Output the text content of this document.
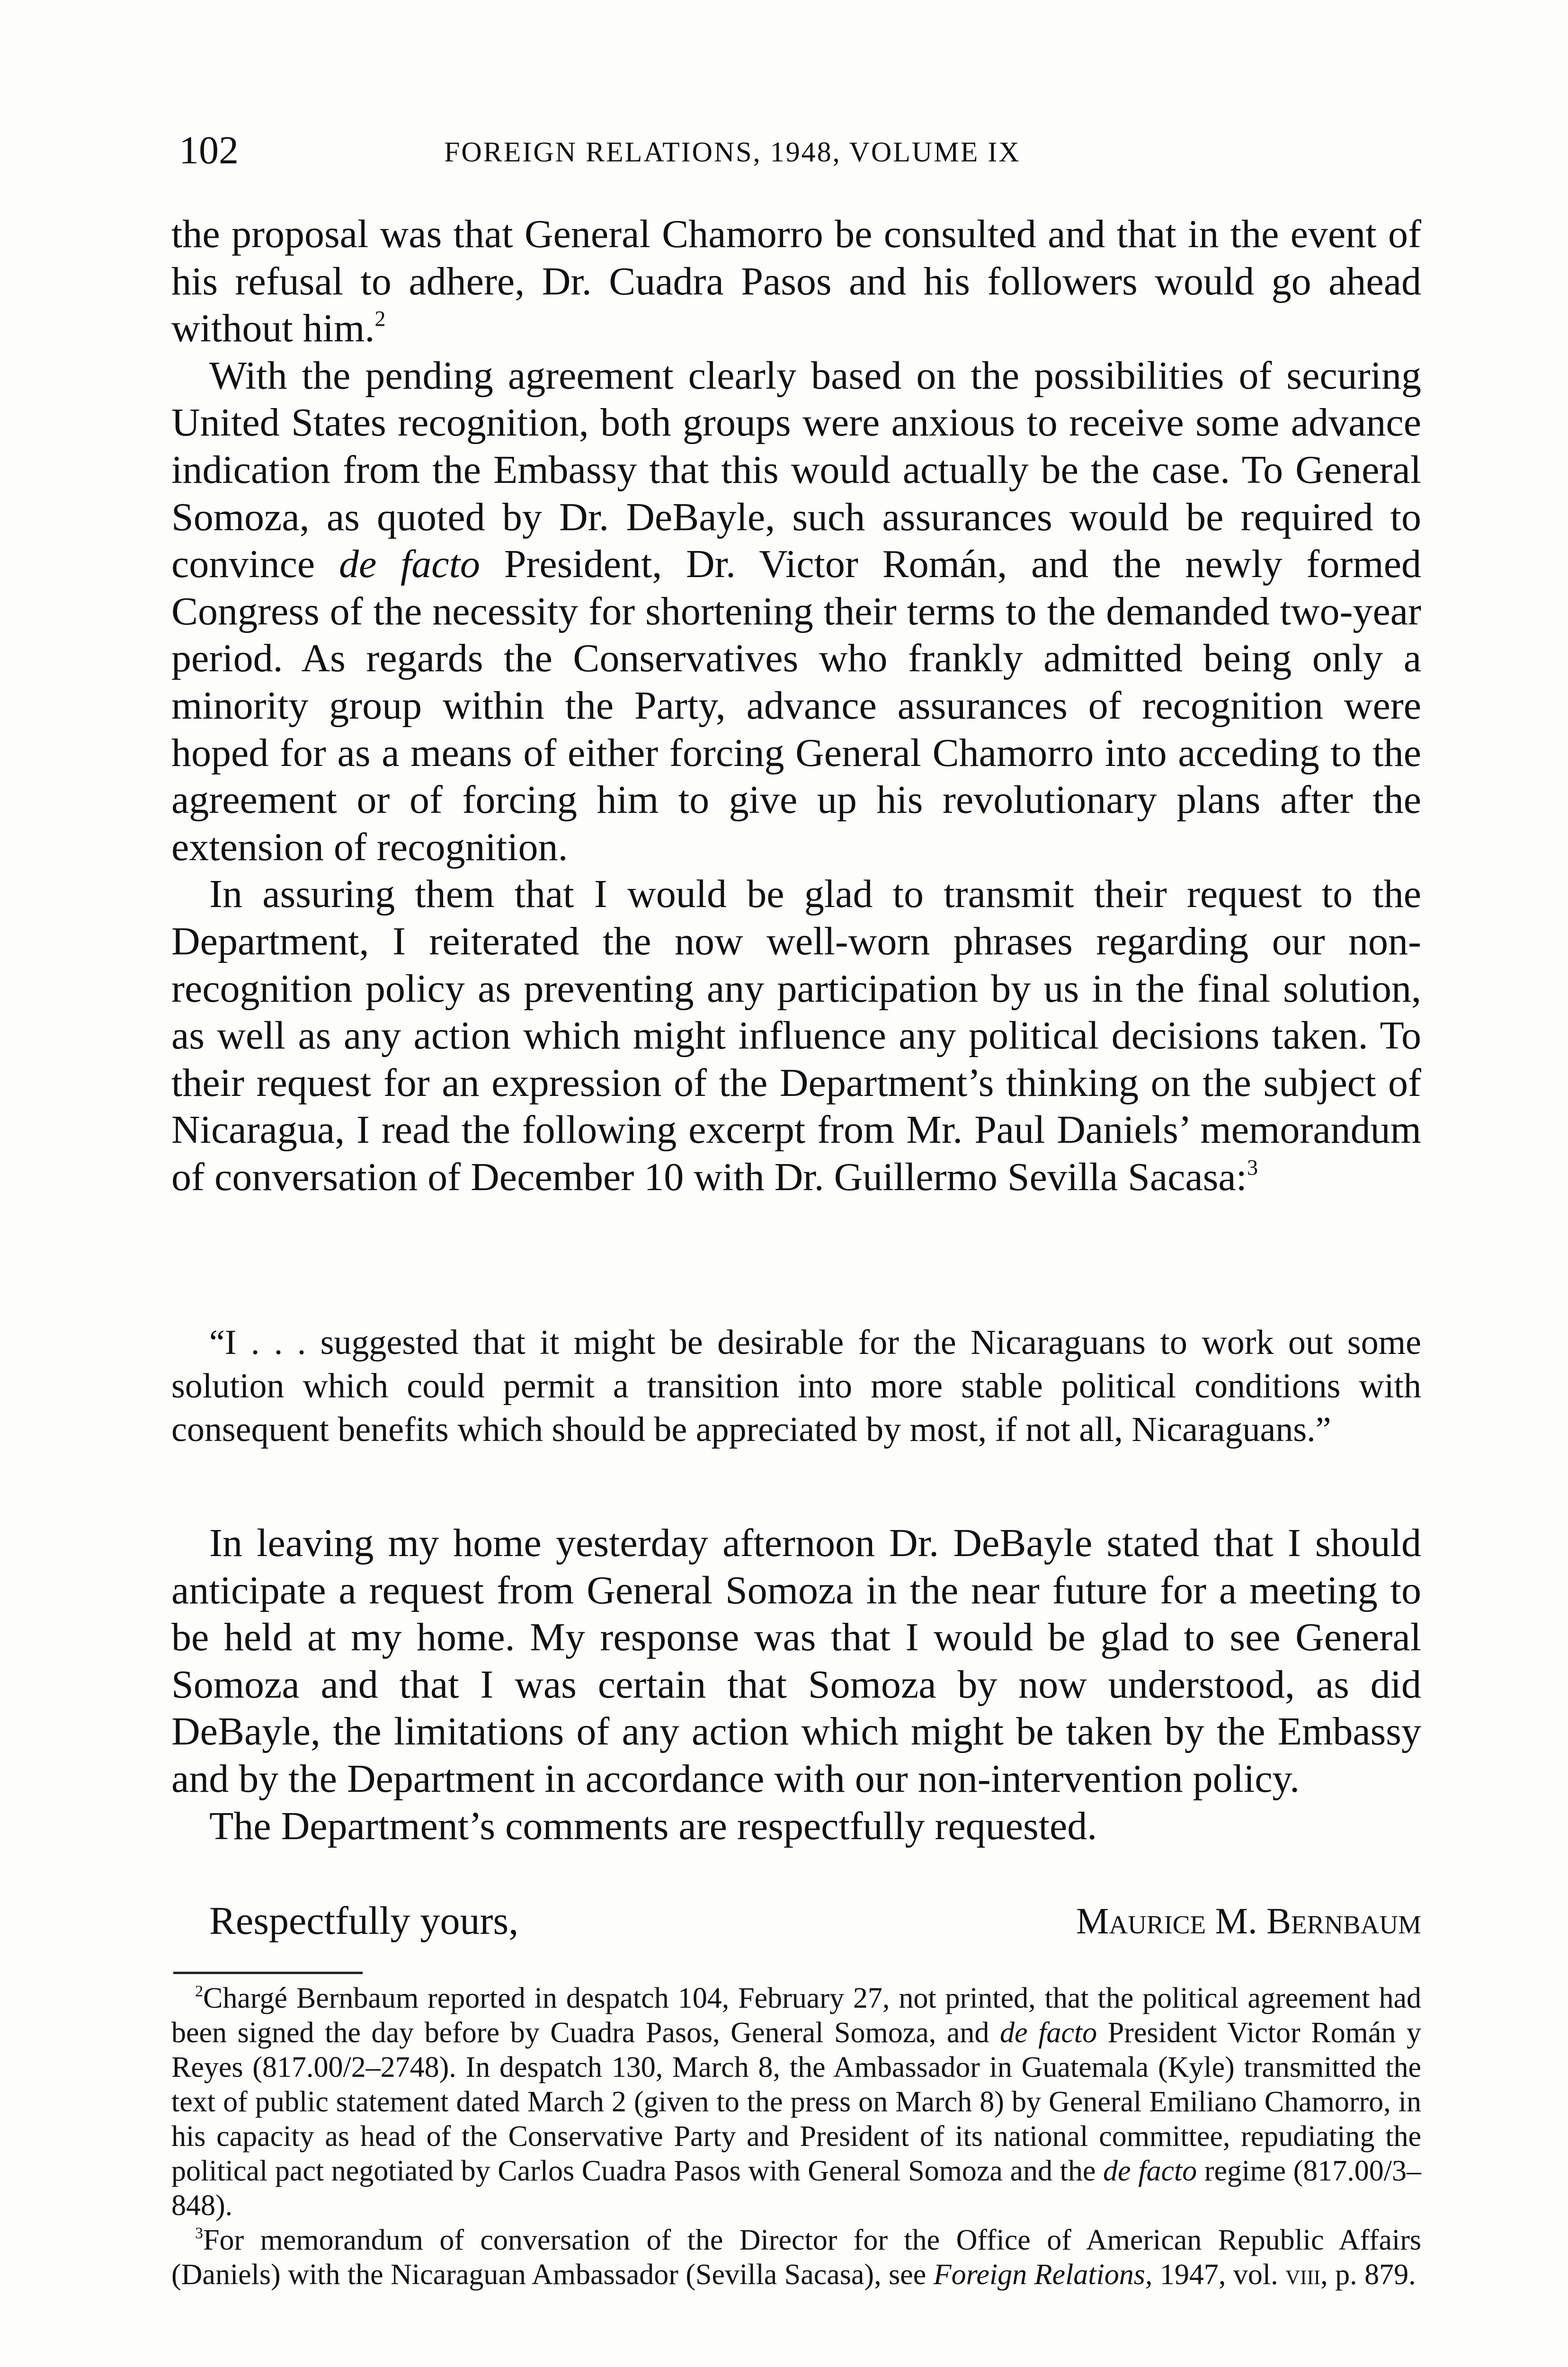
102	FOREIGN RELATIONS, 1948, VOLUME IX

the proposal was that General Chamorro be consulted and that in the event of his refusal to adhere, Dr. Cuadra Pasos and his followers would go ahead without him.$^2$

With the pending agreement clearly based on the possibilities of securing United States recognition, both groups were anxious to receive some advance indication from the Embassy that this would actually be the case. To General Somoza, as quoted by Dr. DeBayle, such assurances would be required to convince de facto President, Dr. Victor Román, and the newly formed Congress of the necessity for shortening their terms to the demanded two-year period. As regards the Conservatives who frankly admitted being only a minority group within the Party, advance assurances of recognition were hoped for as a means of either forcing General Chamorro into acceding to the agreement or of forcing him to give up his revolutionary plans after the extension of recognition.

In assuring them that I would be glad to transmit their request to the Department, I reiterated the now well-worn phrases regarding our non-recognition policy as preventing any participation by us in the final solution, as well as any action which might influence any political decisions taken. To their request for an expression of the Department’s thinking on the subject of Nicaragua, I read the following excerpt from Mr. Paul Daniels’ memorandum of conversation of December 10 with Dr. Guillermo Sevilla Sacasa:$^3$

“I . . . suggested that it might be desirable for the Nicaraguans to work out some solution which could permit a transition into more stable political conditions with consequent benefits which should be appreciated by most, if not all, Nicaraguans.”

In leaving my home yesterday afternoon Dr. DeBayle stated that I should anticipate a request from General Somoza in the near future for a meeting to be held at my home. My response was that I would be glad to see General Somoza and that I was certain that Somoza by now understood, as did DeBayle, the limitations of any action which might be taken by the Embassy and by the Department in accordance with our non-intervention policy.

The Department’s comments are respectfully requested.

Respectfully yours,	Maurice M. Bernbaum

$^2$Chargé Bernbaum reported in despatch 104, February 27, not printed, that the political agreement had been signed the day before by Cuadra Pasos, General Somoza, and de facto President Victor Román y Reyes (817.00/2–2748). In despatch 130, March 8, the Ambassador in Guatemala (Kyle) transmitted the text of public statement dated March 2 (given to the press on March 8) by General Emiliano Chamorro, in his capacity as head of the Conservative Party and President of its national committee, repudiating the political pact negotiated by Carlos Cuadra Pasos with General Somoza and the de facto regime (817.00/3–848).

$^3$For memorandum of conversation of the Director for the Office of American Republic Affairs (Daniels) with the Nicaraguan Ambassador (Sevilla Sacasa), see Foreign Relations, 1947, vol. viii, p. 879.
